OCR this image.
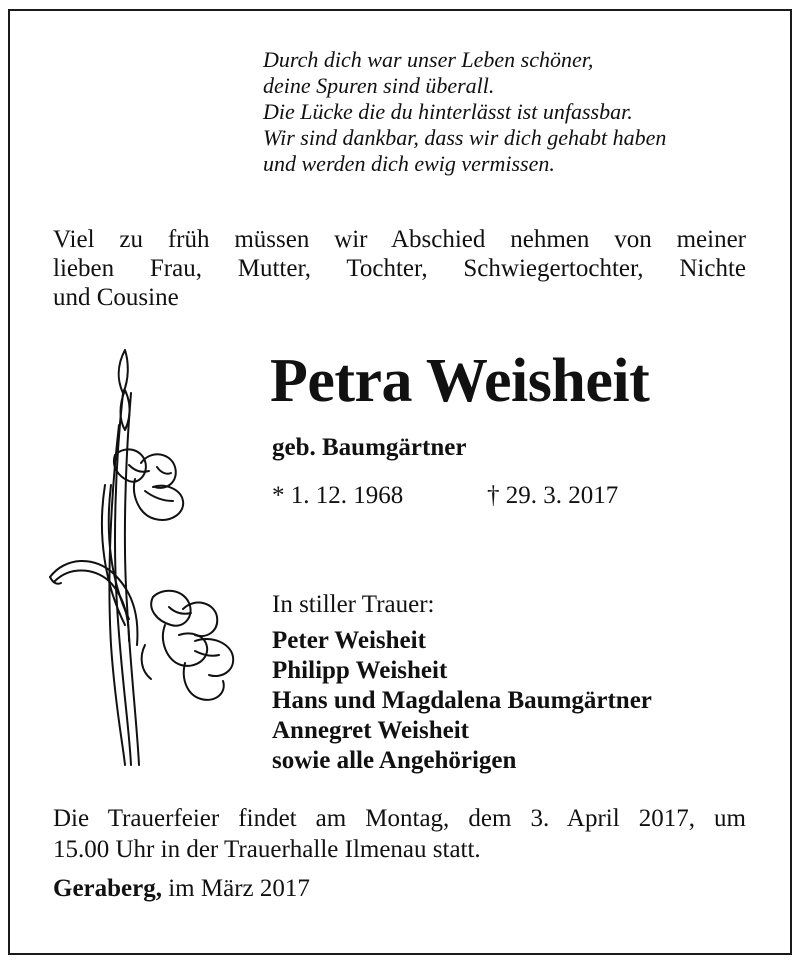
Durch dich war unser Leben schöner,
deine Spuren sind überall.
Die Lücke die du hinterlässt ist unfassbar.
Wir sind dankbar, dass wir dich gehabt haben
und werden dich ewig vermissen.
Viel zu früh müssen wir Abschied nehmen von meiner
lieben Frau, Mutter, Tochter, Schwiegertochter, Nichte
und Cousine
Petra Weisheit
geb. Baumgärtner
* 1. 12. 1968	† 29. 3. 2017
In stiller Trauer:
Peter Weisheit
Philipp Weisheit
Hans und Magdalena Baumgärtner
Annegret Weisheit
sowie alle Angehörigen
Die Trauerfeier findet am Montag, dem 3. April 2017, um
15.00 Uhr in der Trauerhalle Ilmenau statt.
Geraberg, im März 2017
